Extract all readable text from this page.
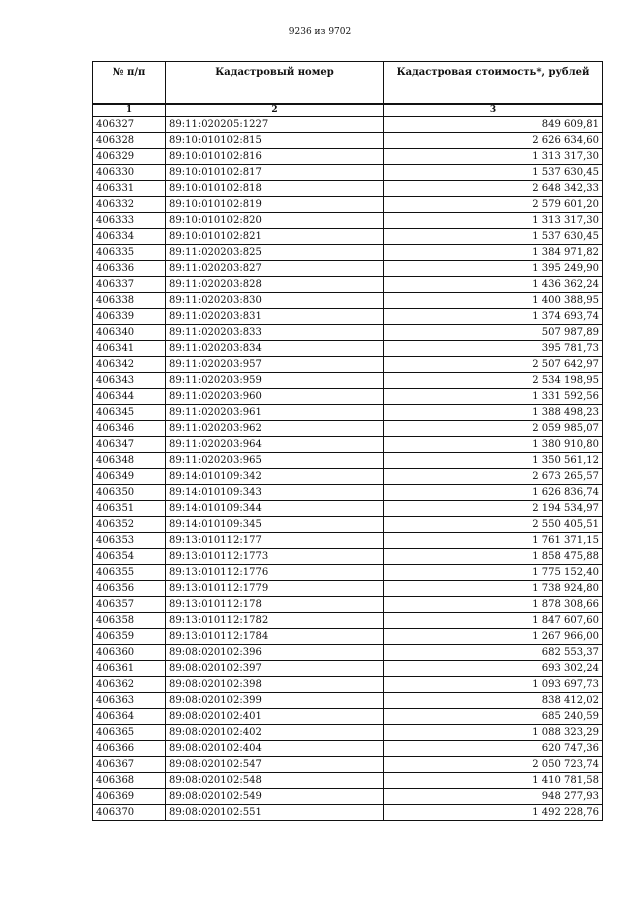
9236 из 9702
№ п/п	Кадастровый номер	Кадастровая стоимость*, рублей
1	2	3
406327	89:11:020205:1227	849 609,81
406328	89:10:010102:815	2 626 634,60
406329	89:10:010102:816	1 313 317,30
406330	89:10:010102:817	1 537 630,45
406331	89:10:010102:818	2 648 342,33
406332	89:10:010102:819	2 579 601,20
406333	89:10:010102:820	1 313 317,30
406334	89:10:010102:821	1 537 630,45
406335	89:11:020203:825	1 384 971,82
406336	89:11:020203:827	1 395 249,90
406337	89:11:020203:828	1 436 362,24
406338	89:11:020203:830	1 400 388,95
406339	89:11:020203:831	1 374 693,74
406340	89:11:020203:833	507 987,89
406341	89:11:020203:834	395 781,73
406342	89:11:020203:957	2 507 642,97
406343	89:11:020203:959	2 534 198,95
406344	89:11:020203:960	1 331 592,56
406345	89:11:020203:961	1 388 498,23
406346	89:11:020203:962	2 059 985,07
406347	89:11:020203:964	1 380 910,80
406348	89:11:020203:965	1 350 561,12
406349	89:14:010109:342	2 673 265,57
406350	89:14:010109:343	1 626 836,74
406351	89:14:010109:344	2 194 534,97
406352	89:14:010109:345	2 550 405,51
406353	89:13:010112:177	1 761 371,15
406354	89:13:010112:1773	1 858 475,88
406355	89:13:010112:1776	1 775 152,40
406356	89:13:010112:1779	1 738 924,80
406357	89:13:010112:178	1 878 308,66
406358	89:13:010112:1782	1 847 607,60
406359	89:13:010112:1784	1 267 966,00
406360	89:08:020102:396	682 553,37
406361	89:08:020102:397	693 302,24
406362	89:08:020102:398	1 093 697,73
406363	89:08:020102:399	838 412,02
406364	89:08:020102:401	685 240,59
406365	89:08:020102:402	1 088 323,29
406366	89:08:020102:404	620 747,36
406367	89:08:020102:547	2 050 723,74
406368	89:08:020102:548	1 410 781,58
406369	89:08:020102:549	948 277,93
406370	89:08:020102:551	1 492 228,76
